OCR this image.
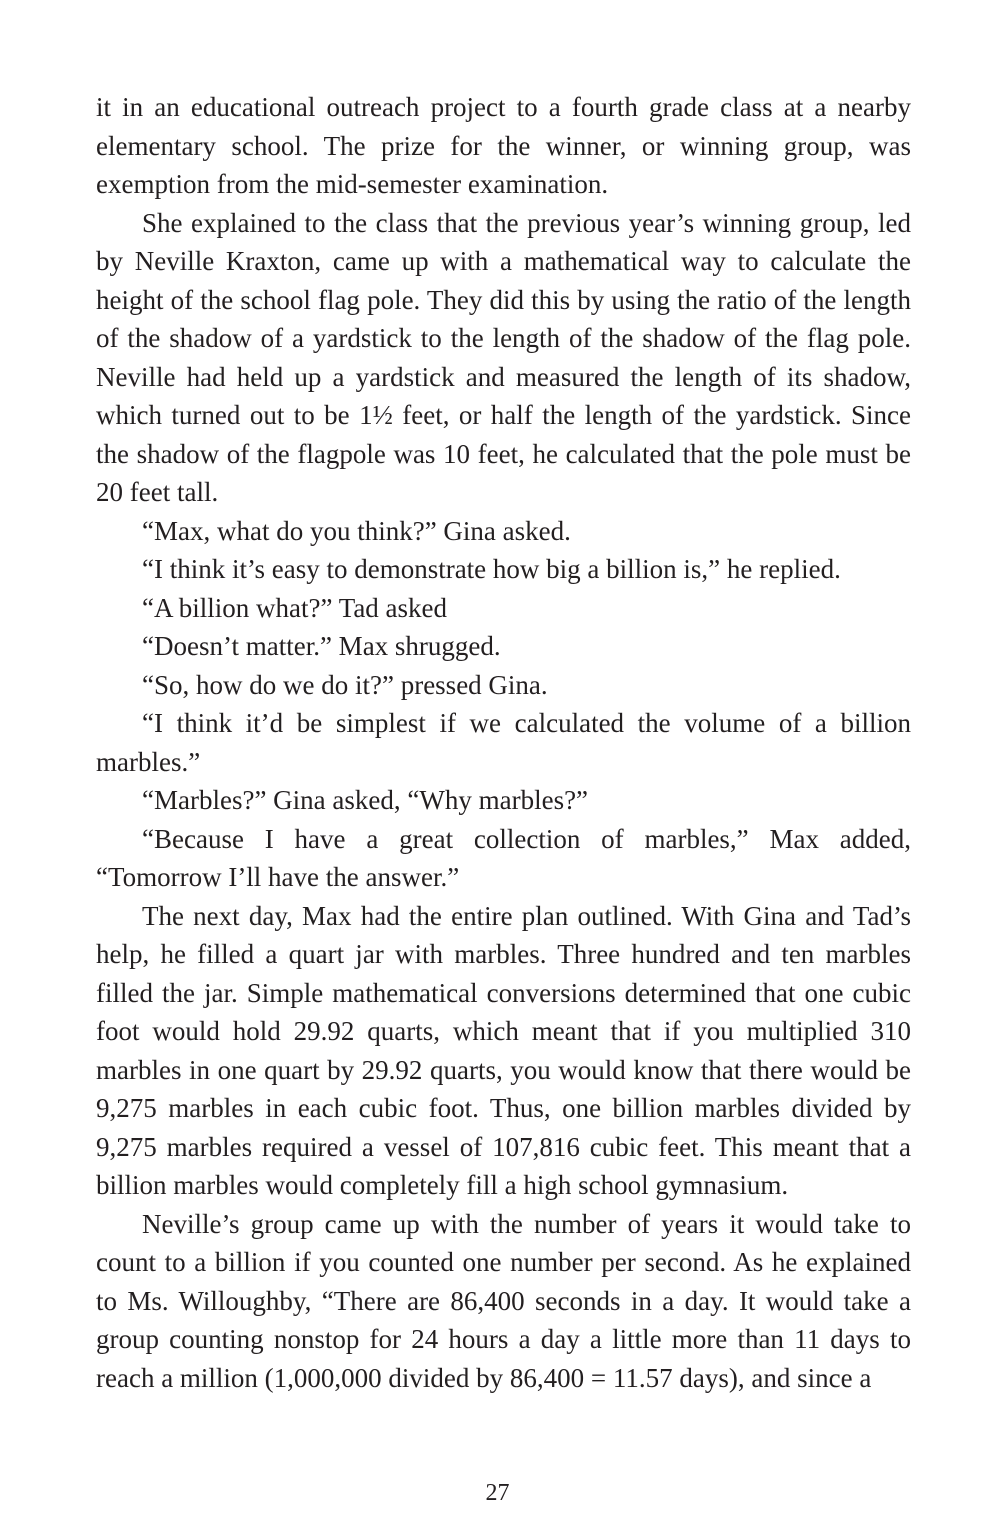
it in an educational outreach project to a fourth grade class at a nearby elementary school. The prize for the winner, or winning group, was exemption from the mid-semester examination.

She explained to the class that the previous year’s winning group, led by Neville Kraxton, came up with a mathematical way to calculate the height of the school flag pole. They did this by using the ratio of the length of the shadow of a yardstick to the length of the shadow of the flag pole. Neville had held up a yardstick and measured the length of its shadow, which turned out to be 1½ feet, or half the length of the yardstick. Since the shadow of the flagpole was 10 feet, he calculated that the pole must be 20 feet tall.

“Max, what do you think?” Gina asked.

“I think it’s easy to demonstrate how big a billion is,” he replied.

“A billion what?” Tad asked

“Doesn’t matter.” Max shrugged.

“So, how do we do it?” pressed Gina.

“I think it’d be simplest if we calculated the volume of a billion marbles.”

“Marbles?” Gina asked, “Why marbles?”

“Because I have a great collection of marbles,” Max added, “Tomorrow I’ll have the answer.”

The next day, Max had the entire plan outlined. With Gina and Tad’s help, he filled a quart jar with marbles. Three hundred and ten marbles filled the jar. Simple mathematical conversions determined that one cubic foot would hold 29.92 quarts, which meant that if you multiplied 310 marbles in one quart by 29.92 quarts, you would know that there would be 9,275 marbles in each cubic foot. Thus, one billion marbles divided by 9,275 marbles required a vessel of 107,816 cubic feet. This meant that a billion marbles would completely fill a high school gymnasium.

Neville’s group came up with the number of years it would take to count to a billion if you counted one number per second. As he explained to Ms. Willoughby, “There are 86,400 seconds in a day. It would take a group counting nonstop for 24 hours a day a little more than 11 days to reach a million (1,000,000 divided by 86,400 = 11.57 days), and since a

27
